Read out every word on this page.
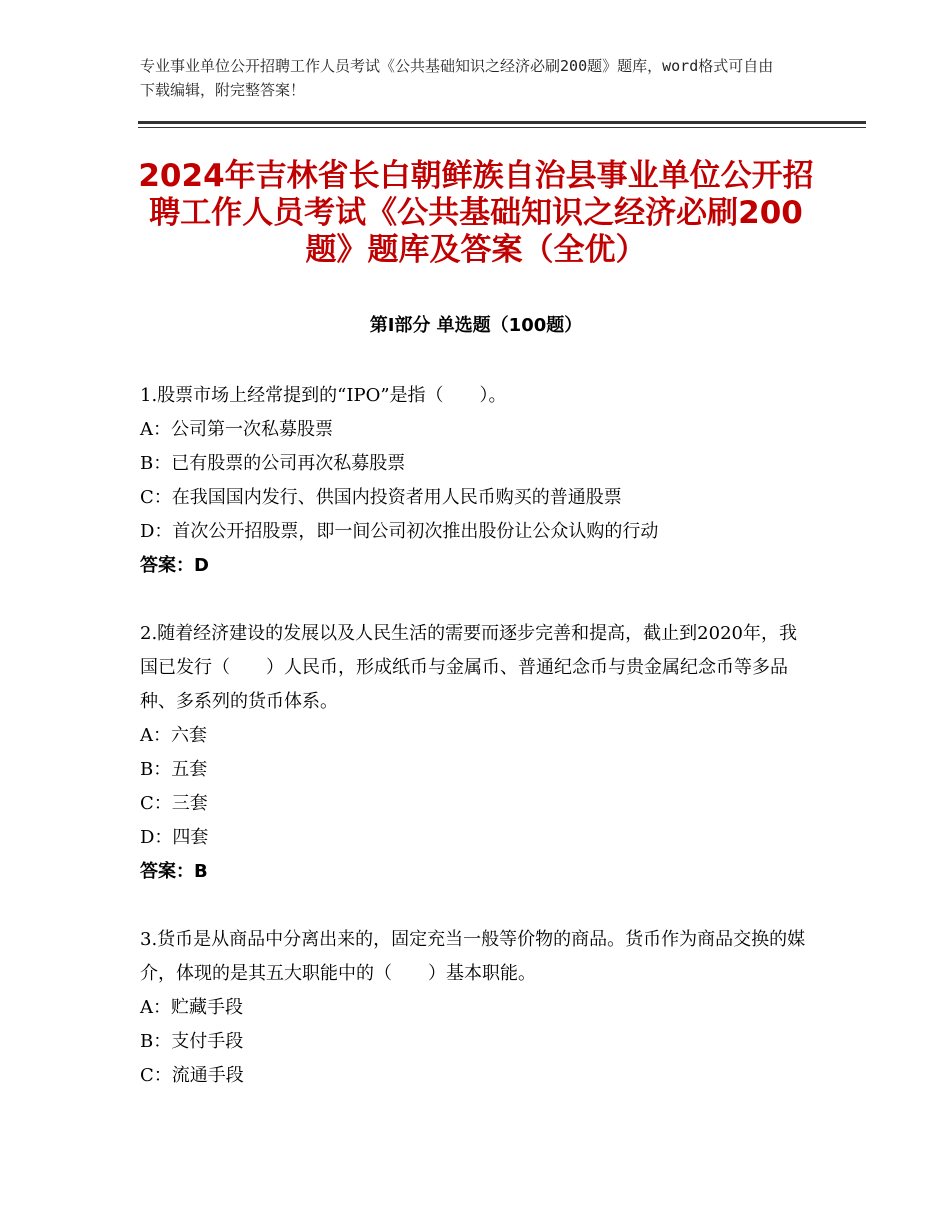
专业事业单位公开招聘工作人员考试《公共基础知识之经济必刷200题》题库，word格式可自由下载编辑，附完整答案！
2024年吉林省长白朝鲜族自治县事业单位公开招聘工作人员考试《公共基础知识之经济必刷200题》题库及答案（全优）
第I部分 单选题（100题）

1.股票市场上经常提到的“IPO”是指（　　）。

A：公司第一次私募股票

B：已有股票的公司再次私募股票

C：在我国国内发行、供国内投资者用人民币购买的普通股票

D：首次公开招股票，即一间公司初次推出股份让公众认购的行动

答案：D

2.随着经济建设的发展以及人民生活的需要而逐步完善和提高，截止到2020年，我国已发行（　　）人民币，形成纸币与金属币、普通纪念币与贵金属纪念币等多品种、多系列的货币体系。

A：六套

B：五套

C：三套

D：四套

答案：B

3.货币是从商品中分离出来的，固定充当一般等价物的商品。货币作为商品交换的媒介，体现的是其五大职能中的（　　）基本职能。

A：贮藏手段

B：支付手段

C：流通手段
